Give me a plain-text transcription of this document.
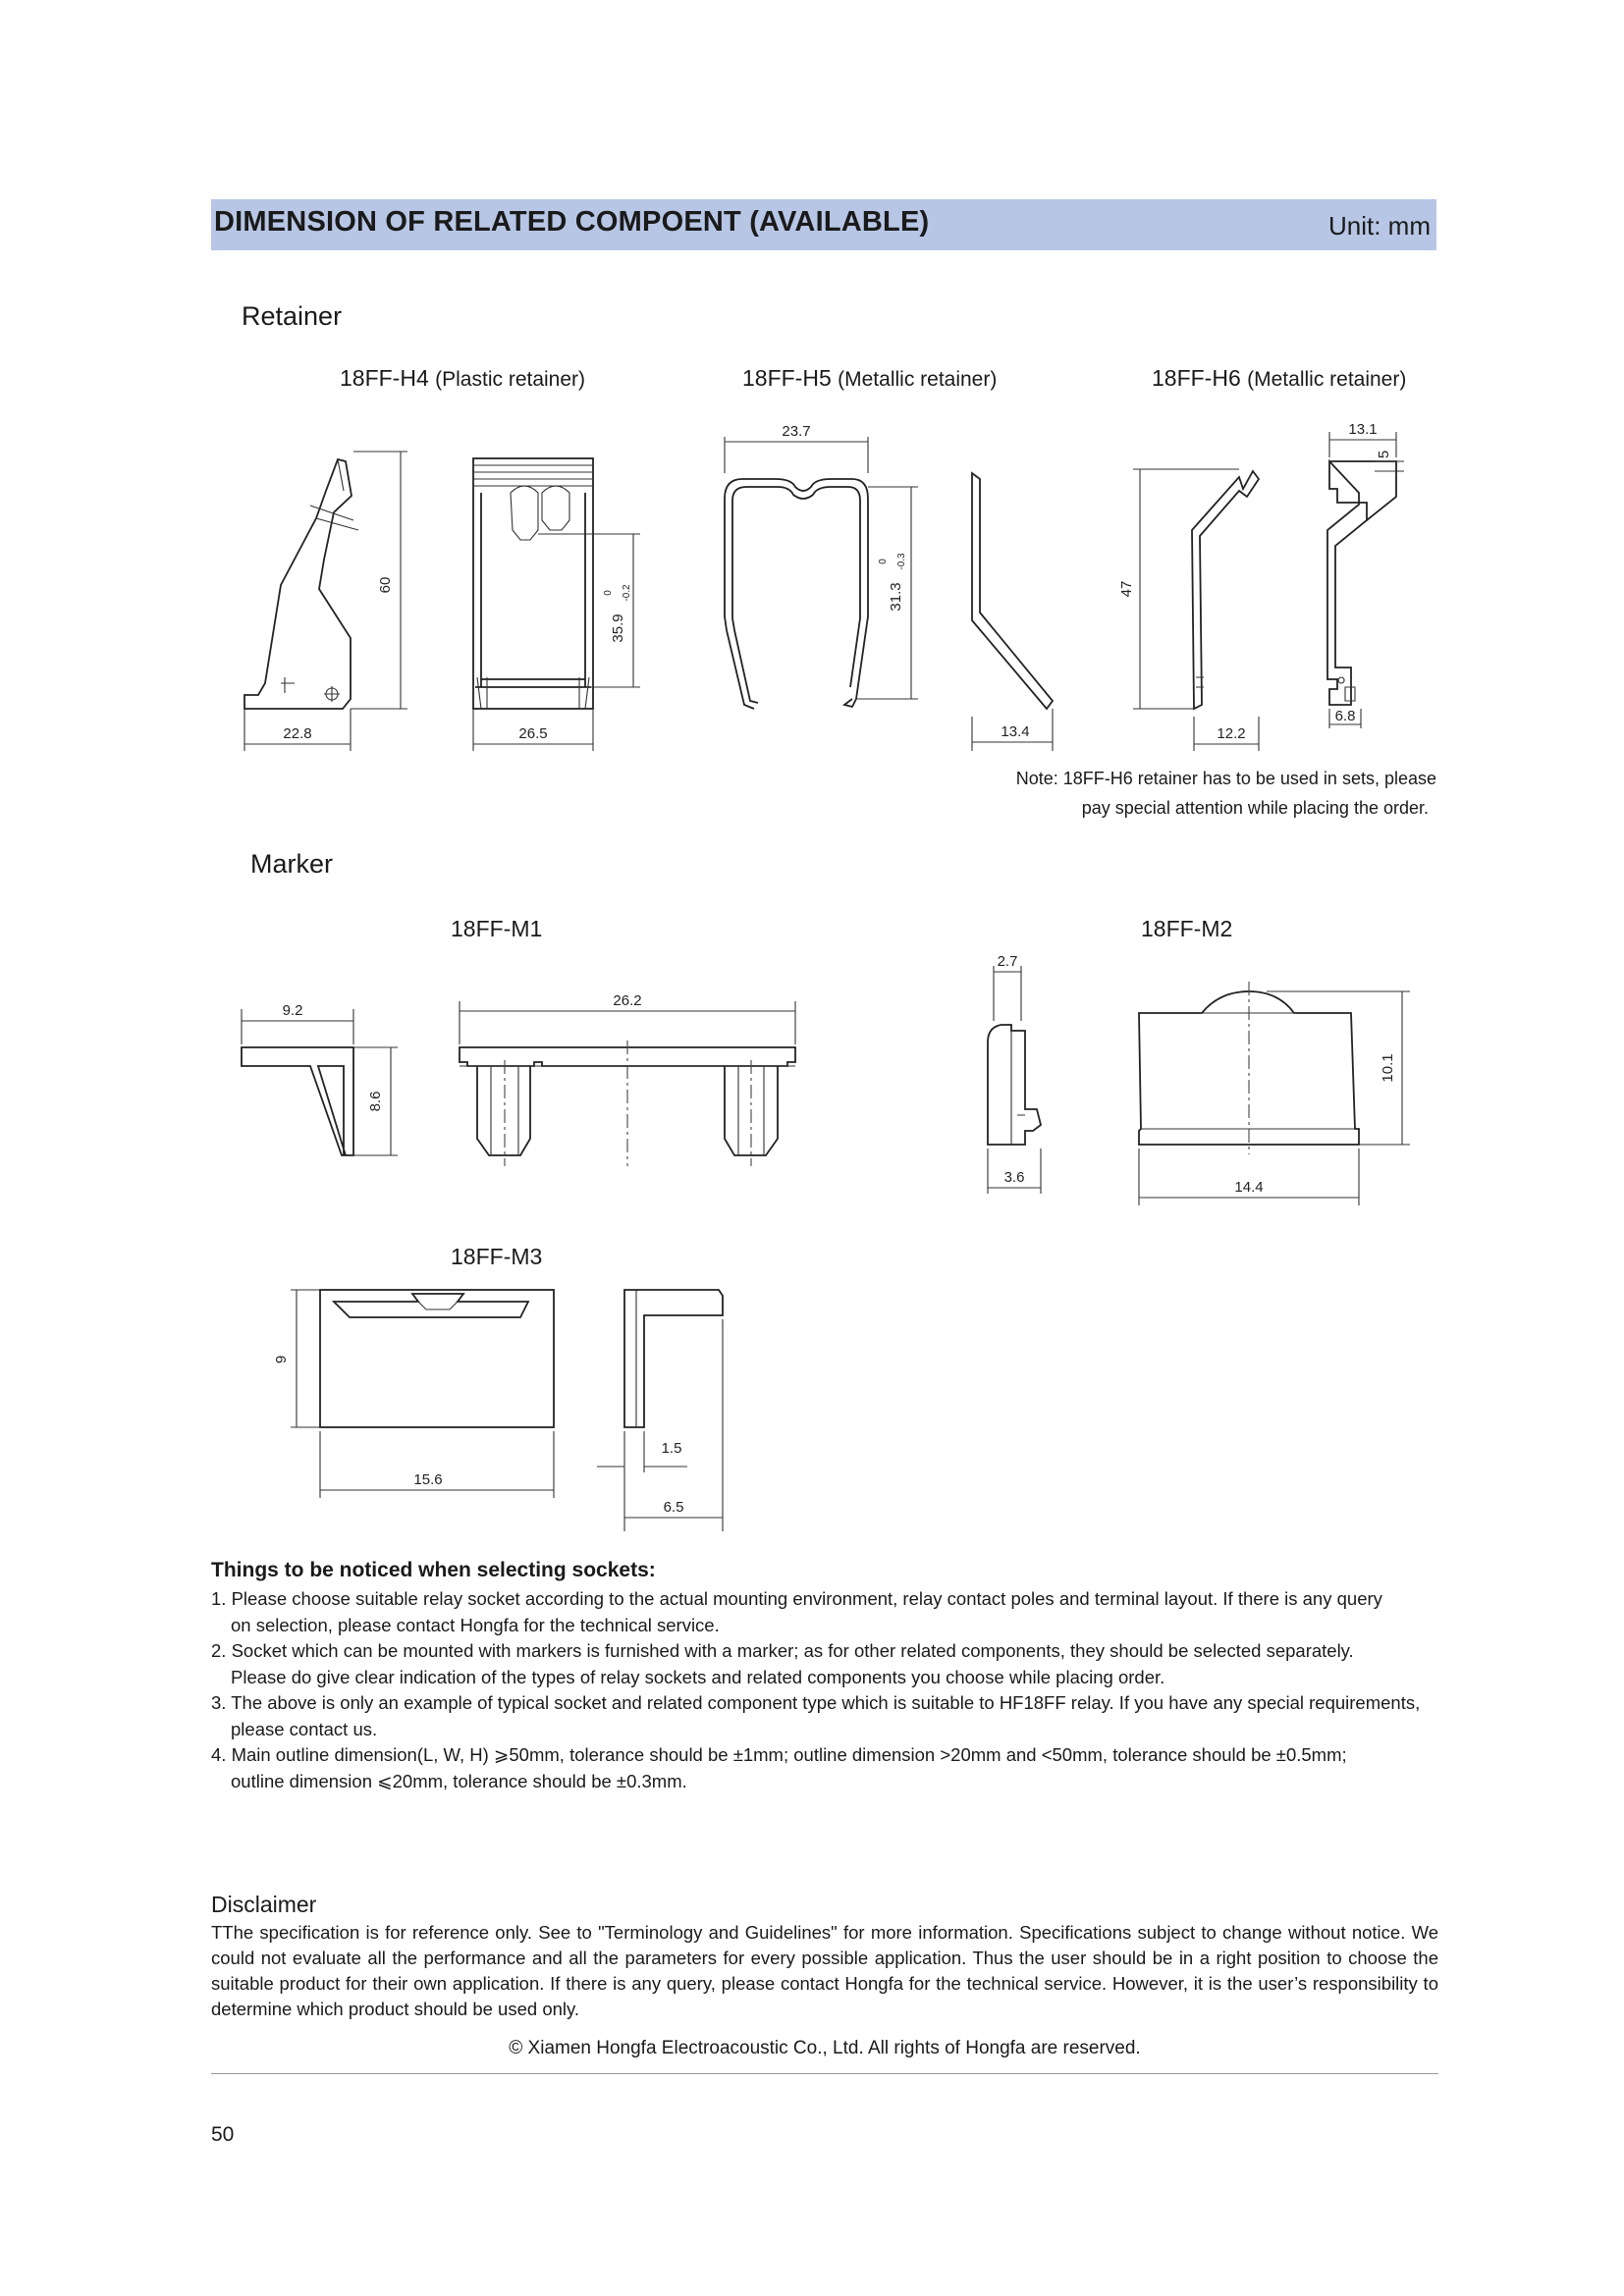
DIMENSION OF RELATED COMPOENT (AVAILABLE)	Unit: mm
Retainer
Marker
18FF-H4 (Plastic retainer)	18FF-H5 (Metallic retainer)	18FF-H6 (Metallic retainer)
18FF-M1	18FF-M2
18FF-M3
60
22.8
35.9
0 -0.2
26.5
23.7
31.3
0 -0.3
13.4
47
12.2
13.1
5
6.8
9.2
8.6
26.2
2.7
3.6
10.1
14.4
9
15.6
1.5
6.5
Note: 18FF-H6 retainer has to be used in sets, please
pay special attention while placing the order.
Things to be noticed when selecting sockets:
1. Please choose suitable relay socket according to the actual mounting environment, relay contact poles and terminal layout. If there is any query
on selection, please contact Hongfa for the technical service.
2. Socket which can be mounted with markers is furnished with a marker; as for other related components, they should be selected separately.
Please do give clear indication of the types of relay sockets and related components you choose while placing order.
3. The above is only an example of typical socket and related component type which is suitable to HF18FF relay. If you have any special requirements,
please contact us.
4. Main outline dimension(L, W, H) ⩾50mm, tolerance should be ±1mm; outline dimension >20mm and <50mm, tolerance should be ±0.5mm;
outline dimension ⩽20mm, tolerance should be ±0.3mm.
Disclaimer
TThe specification is for reference only. See to "Terminology and Guidelines" for more information. Specifications subject to change without notice. We could not evaluate all the performance and all the parameters for every possible application. Thus the user should be in a right position to choose the suitable product for their own application. If there is any query, please contact Hongfa for the technical service. However, it is the user’s responsibility to determine which product should be used only.
© Xiamen Hongfa Electroacoustic Co., Ltd. All rights of Hongfa are reserved.
50
